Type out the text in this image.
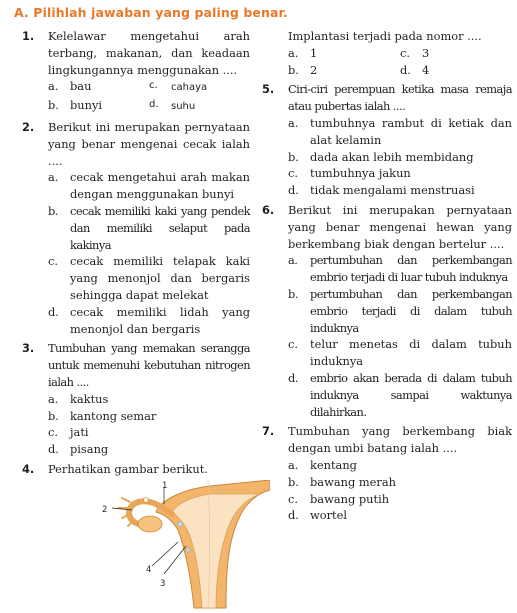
A. Pilihlah jawaban yang paling benar.
1.	Kelelawar mengetahui arah terbang, makanan, dan keadaan lingkungannya menggunakan ....
a. bau	c. cahaya
b. bunyi	d. suhu
2.	Berikut ini merupakan pernyataan yang benar mengenai cecak ialah ....
a. cecak mengetahui arah makan dengan menggunakan bunyi
b. cecak memiliki kaki yang pendek dan memiliki selaput pada kakinya
c. cecak memiliki telapak kaki yang menonjol dan bergaris sehingga dapat melekat
d. cecak memiliki lidah yang menonjol dan bergaris
3.	Tumbuhan yang memakan serangga untuk memenuhi kebutuhan nitrogen ialah ....
a. kaktus
b. kantong semar
c. jati
d. pisang
4.	Perhatikan gambar berikut.
1
2
3
4
Implantasi terjadi pada nomor ....
a. 1	c. 3
b. 2	d. 4
5.	Ciri-ciri perempuan ketika masa remaja atau pubertas ialah ....
a. tumbuhnya rambut di ketiak dan alat kelamin
b. dada akan lebih membidang
c. tumbuhnya jakun
d. tidak mengalami menstruasi
6.	Berikut ini merupakan pernyataan yang benar mengenai hewan yang berkembang biak dengan bertelur ....
a. pertumbuhan dan perkembangan embrio terjadi di luar tubuh induknya
b. pertumbuhan dan perkembangan embrio terjadi di dalam tubuh induknya
c. telur menetas di dalam tubuh induknya
d. embrio akan berada di dalam tubuh induknya sampai waktunya dilahirkan.
7.	Tumbuhan yang berkembang biak dengan umbi batang ialah ....
a. kentang
b. bawang merah
c. bawang putih
d. wortel
